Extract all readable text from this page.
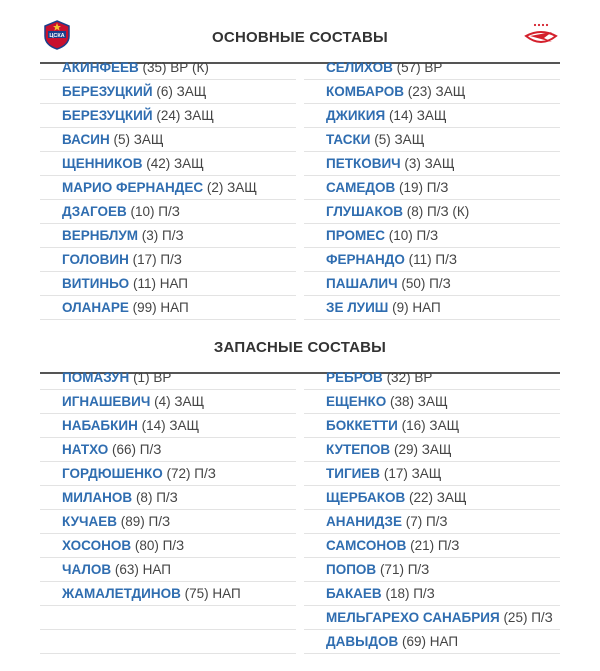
ЦСКА	ОСНОВНЫЕ СОСТАВЫ
АКИНФЕЕВ (35) ВР (К)
БЕРЕЗУЦКИЙ (6) ЗАЩ
БЕРЕЗУЦКИЙ (24) ЗАЩ
ВАСИН (5) ЗАЩ
ЩЕННИКОВ (42) ЗАЩ
МАРИО ФЕРНАНДЕС (2) ЗАЩ
ДЗАГОЕВ (10) П/З
ВЕРНБЛУМ (3) П/З
ГОЛОВИН (17) П/З
ВИТИНЬО (11) НАП
ОЛАНАРЕ (99) НАП
СЕЛИХОВ (57) ВР
КОМБАРОВ (23) ЗАЩ
ДЖИКИЯ (14) ЗАЩ
ТАСКИ (5) ЗАЩ
ПЕТКОВИЧ (3) ЗАЩ
САМЕДОВ (19) П/З
ГЛУШАКОВ (8) П/З (К)
ПРОМЕС (10) П/З
ФЕРНАНДО (11) П/З
ПАШАЛИЧ (50) П/З
ЗЕ ЛУИШ (9) НАП
ЗАПАСНЫЕ СОСТАВЫ
ПОМАЗУН (1) ВР
ИГНАШЕВИЧ (4) ЗАЩ
НАБАБКИН (14) ЗАЩ
НАТХО (66) П/З
ГОРДЮШЕНКО (72) П/З
МИЛАНОВ (8) П/З
КУЧАЕВ (89) П/З
ХОСОНОВ (80) П/З
ЧАЛОВ (63) НАП
ЖАМАЛЕТДИНОВ (75) НАП
РЕБРОВ (32) ВР
ЕЩЕНКО (38) ЗАЩ
БОККЕТТИ (16) ЗАЩ
КУТЕПОВ (29) ЗАЩ
ТИГИЕВ (17) ЗАЩ
ЩЕРБАКОВ (22) ЗАЩ
АНАНИДЗЕ (7) П/З
САМСОНОВ (21) П/З
ПОПОВ (71) П/З
БАКАЕВ (18) П/З
МЕЛЬГАРЕХО САНАБРИЯ (25) П/З
ДАВЫДОВ (69) НАП
